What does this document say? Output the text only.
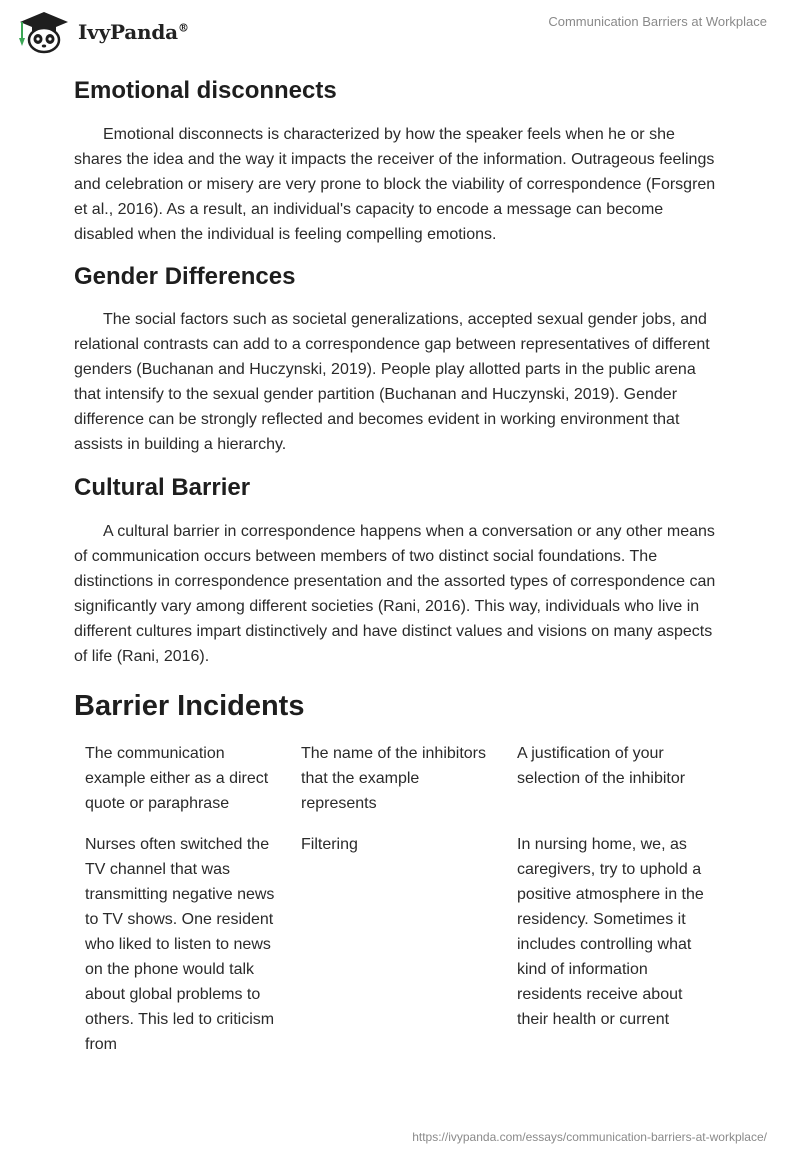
IvyPanda®	Communication Barriers at Workplace
Emotional disconnects

Emotional disconnects is characterized by how the speaker feels when he or she shares the idea and the way it impacts the receiver of the information. Outrageous feelings and celebration or misery are very prone to block the viability of correspondence (Forsgren et al., 2016). As a result, an individual's capacity to encode a message can become disabled when the individual is feeling compelling emotions.

Gender Differences

The social factors such as societal generalizations, accepted sexual gender jobs, and relational contrasts can add to a correspondence gap between representatives of different genders (Buchanan and Huczynski, 2019). People play allotted parts in the public arena that intensify to the sexual gender partition (Buchanan and Huczynski, 2019). Gender difference can be strongly reflected and becomes evident in working environment that assists in building a hierarchy.

Cultural Barrier

A cultural barrier in correspondence happens when a conversation or any other means of communication occurs between members of two distinct social foundations. The distinctions in correspondence presentation and the assorted types of correspondence can significantly vary among different societies (Rani, 2016). This way, individuals who live in different cultures impart distinctively and have distinct values and visions on many aspects of life (Rani, 2016).

Barrier Incidents
The communication example either as a direct quote or paraphrase
The name of the inhibitors that the example represents
A justification of your selection of the inhibitor
Nurses often switched the TV channel that was transmitting negative news to TV shows. One resident who liked to listen to news on the phone would talk about global problems to others. This led to criticism from
Filtering	In nursing home, we, as caregivers, try to uphold a positive atmosphere in the residency. Sometimes it includes controlling what kind of information residents receive about their health or current
https://ivypanda.com/essays/communication-barriers-at-workplace/
